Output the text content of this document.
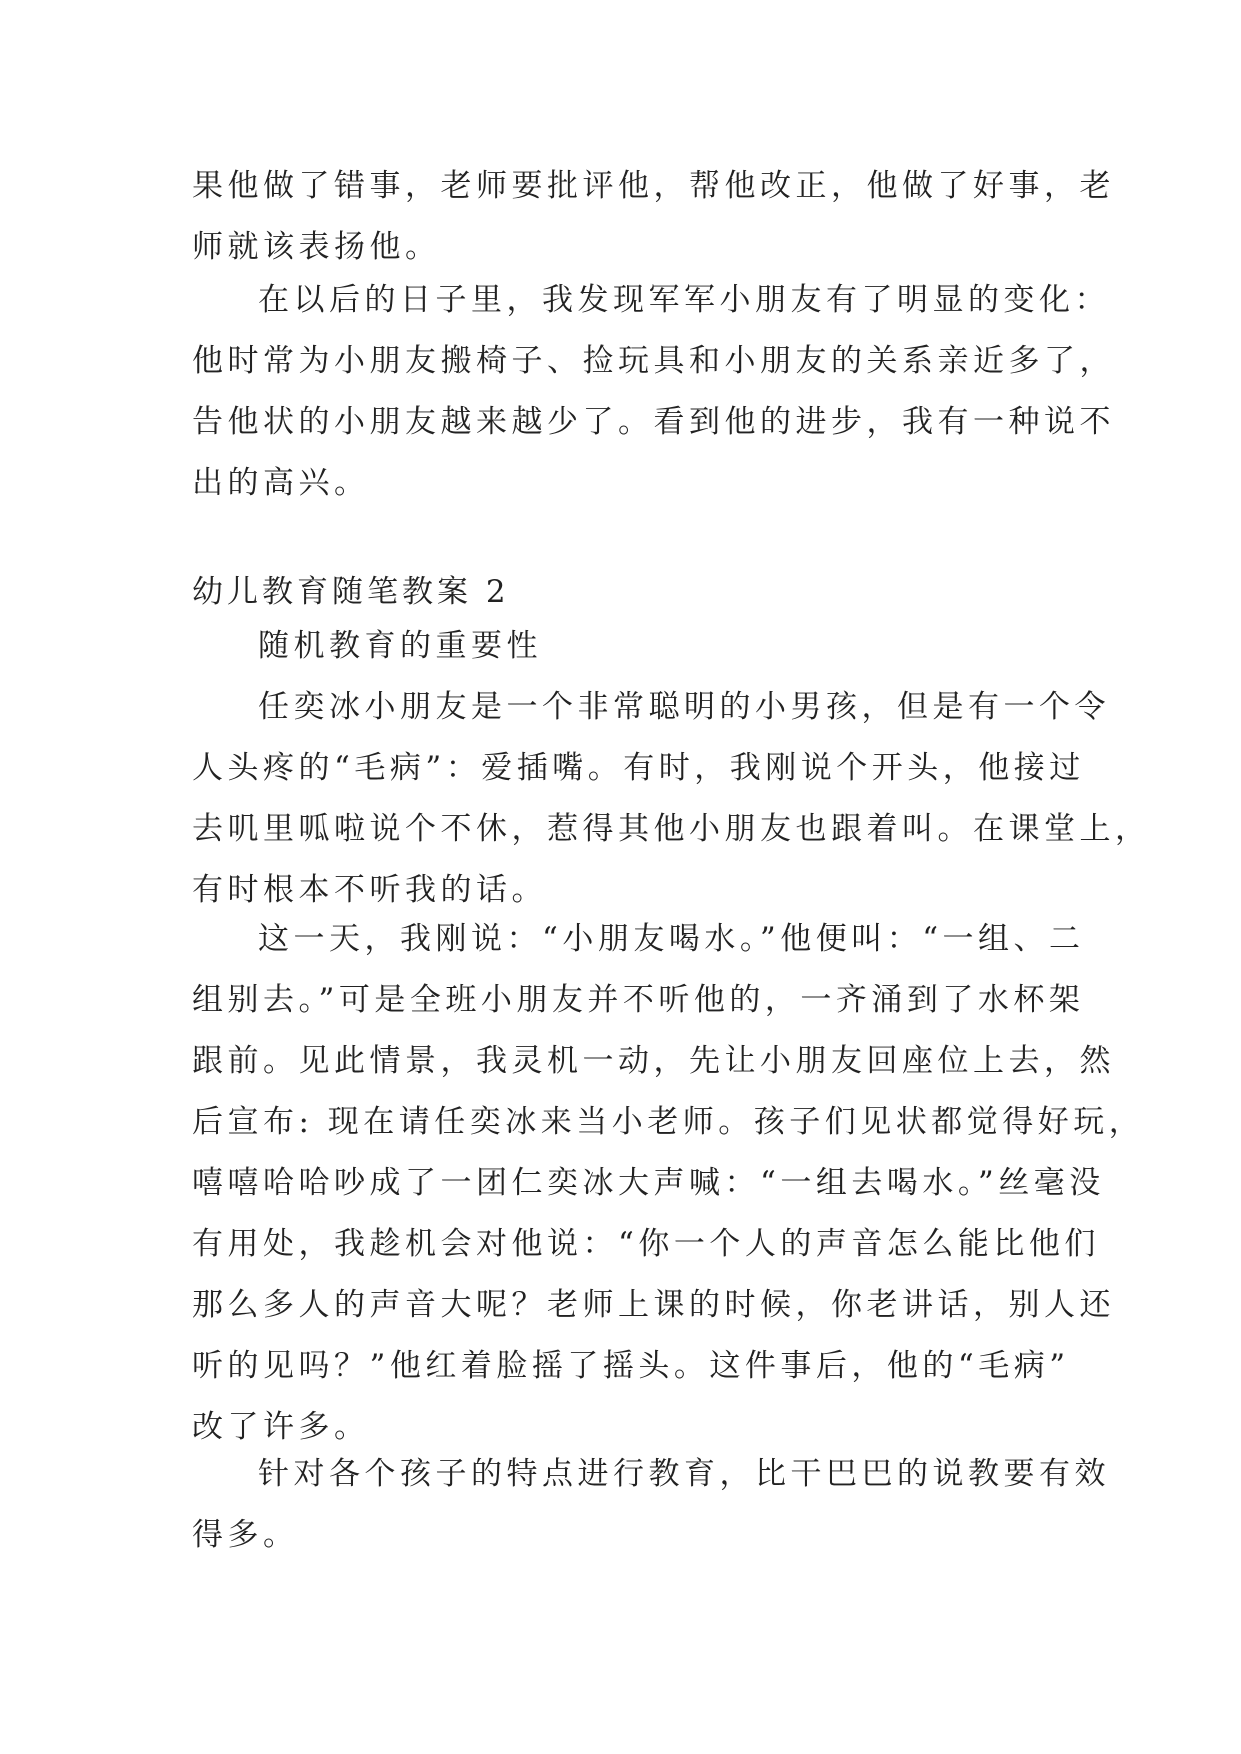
果他做了错事，老师要批评他，帮他改正，他做了好事，老
师就该表扬他。
在以后的日子里，我发现军军小朋友有了明显的变化：
他时常为小朋友搬椅子、捡玩具和小朋友的关系亲近多了，
告他状的小朋友越来越少了。看到他的进步，我有一种说不
出的高兴。
幼儿教育随笔教案 2
随机教育的重要性
任奕冰小朋友是一个非常聪明的小男孩，但是有一个令
人头疼的“毛病”：爱插嘴。有时，我刚说个开头，他接过
去叽里呱啦说个不休，惹得其他小朋友也跟着叫。在课堂上，
有时根本不听我的话。
这一天，我刚说：“小朋友喝水。”他便叫：“一组、二
组别去。”可是全班小朋友并不听他的，一齐涌到了水杯架
跟前。见此情景，我灵机一动，先让小朋友回座位上去，然
后宣布: 现在请任奕冰来当小老师。孩子们见状都觉得好玩，
嘻嘻哈哈吵成了一团仁奕冰大声喊：“一组去喝水。”丝毫没
有用处，我趁机会对他说：“你一个人的声音怎么能比他们
那么多人的声音大呢？老师上课的时候，你老讲话，别人还
听的见吗？”他红着脸摇了摇头。这件事后，他的“毛病”
改了许多。
针对各个孩子的特点进行教育，比干巴巴的说教要有效
得多。
